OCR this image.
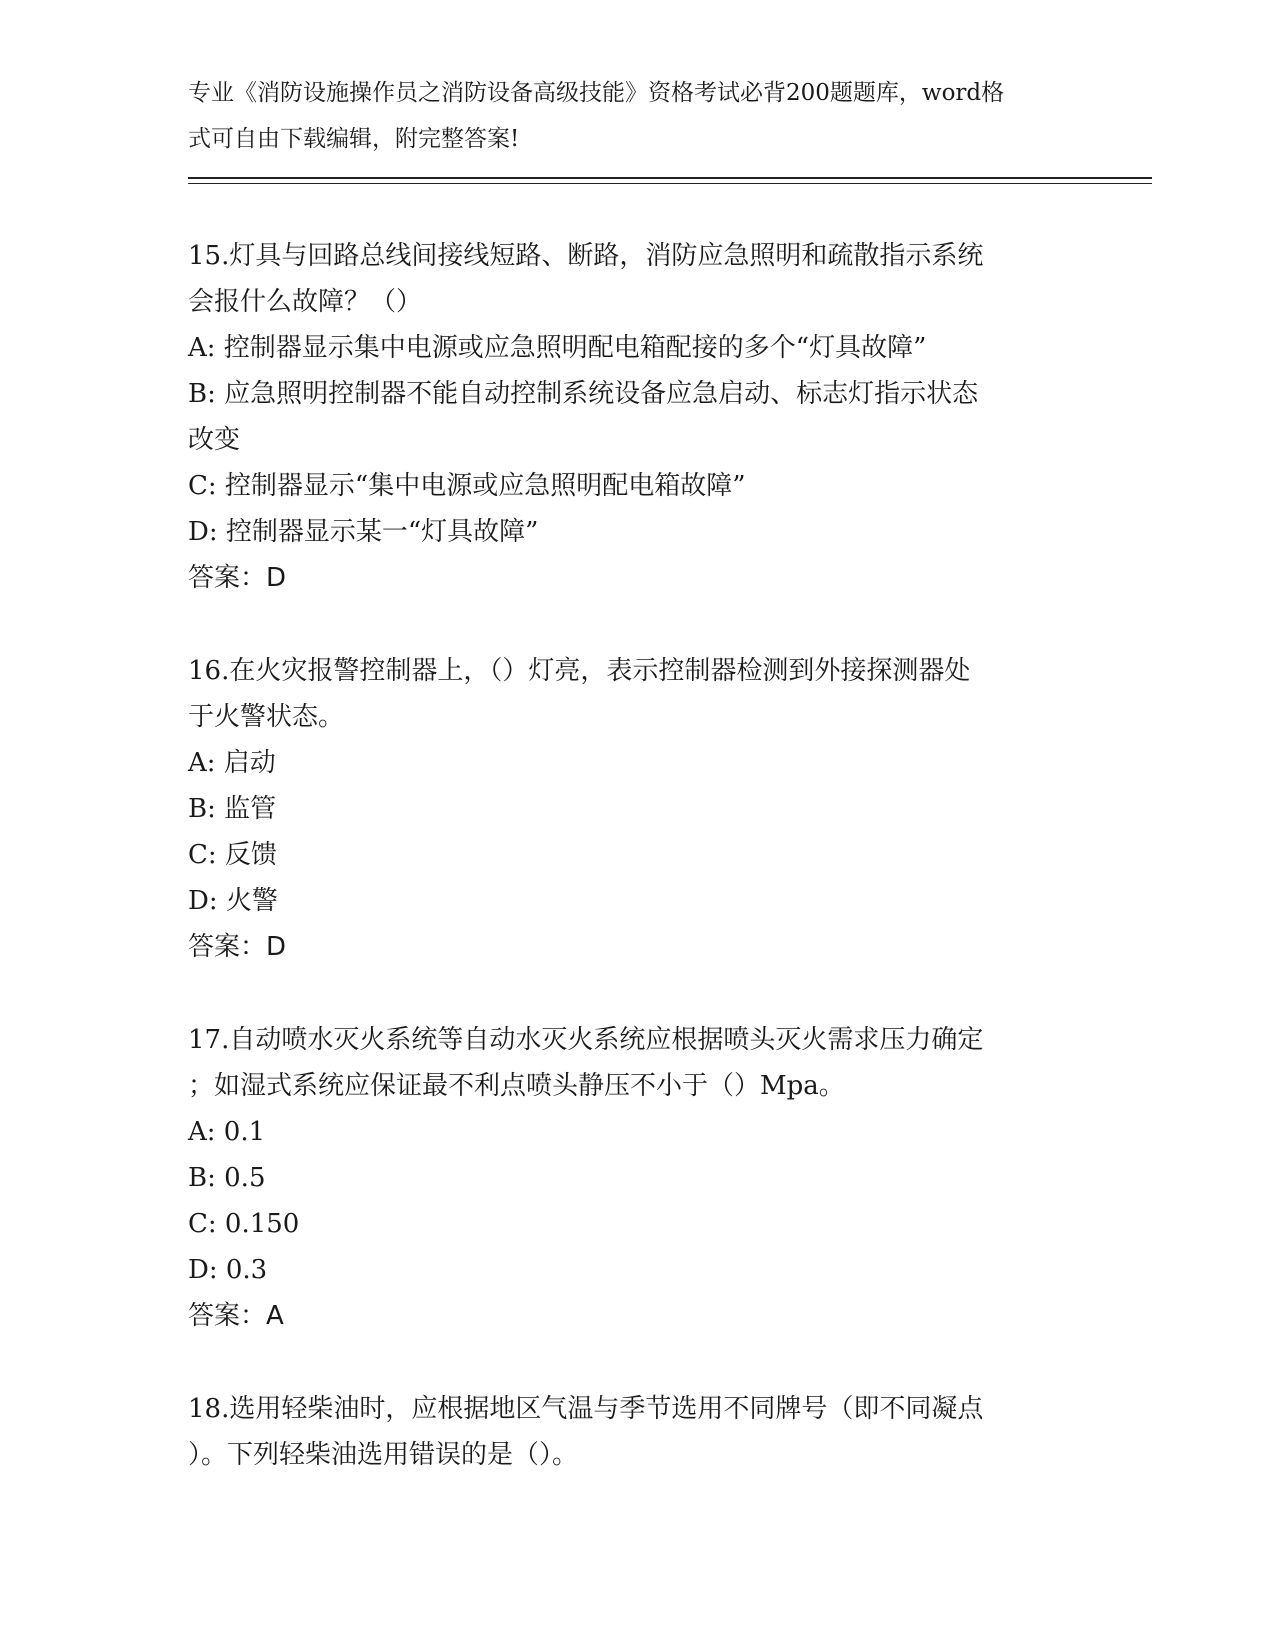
专业《消防设施操作员之消防设备高级技能》资格考试必背200题题库，word格
式可自由下载编辑，附完整答案!
15.灯具与回路总线间接线短路、断路，消防应急照明和疏散指示系统
会报什么故障？（）
A: 控制器显示集中电源或应急照明配电箱配接的多个“灯具故障”
B: 应急照明控制器不能自动控制系统设备应急启动、标志灯指示状态
改变
C: 控制器显示“集中电源或应急照明配电箱故障”
D: 控制器显示某一“灯具故障”
答案：D
16.在火灾报警控制器上，（）灯亮，表示控制器检测到外接探测器处
于火警状态。
A: 启动
B: 监管
C: 反馈
D: 火警
答案：D
17.自动喷水灭火系统等自动水灭火系统应根据喷头灭火需求压力确定
；如湿式系统应保证最不利点喷头静压不小于（）Mpa。
A: 0.1
B: 0.5
C: 0.150
D: 0.3
答案：A
18.选用轻柴油时，应根据地区气温与季节选用不同牌号（即不同凝点
）。下列轻柴油选用错误的是（）。
